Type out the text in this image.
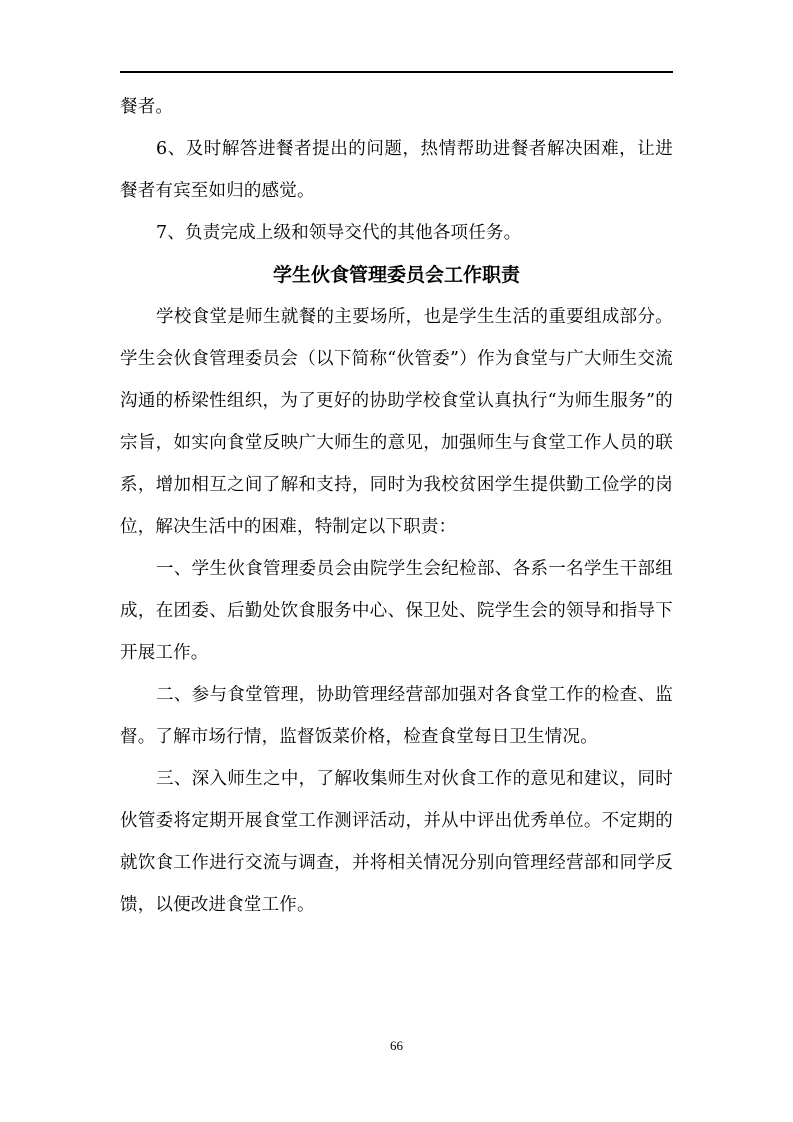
餐者。

6、及时解答进餐者提出的问题，热情帮助进餐者解决困难，让进餐者有宾至如归的感觉。

7、负责完成上级和领导交代的其他各项任务。

学生伙食管理委员会工作职责

学校食堂是师生就餐的主要场所，也是学生生活的重要组成部分。学生会伙食管理委员会（以下简称“伙管委”）作为食堂与广大师生交流沟通的桥梁性组织，为了更好的协助学校食堂认真执行“为师生服务”的宗旨，如实向食堂反映广大师生的意见，加强师生与食堂工作人员的联系，增加相互之间了解和支持，同时为我校贫困学生提供勤工俭学的岗位，解决生活中的困难，特制定以下职责：

一、学生伙食管理委员会由院学生会纪检部、各系一名学生干部组成，在团委、后勤处饮食服务中心、保卫处、院学生会的领导和指导下开展工作。

二、参与食堂管理，协助管理经营部加强对各食堂工作的检查、监督。了解市场行情，监督饭菜价格，检查食堂每日卫生情况。

三、深入师生之中，了解收集师生对伙食工作的意见和建议，同时伙管委将定期开展食堂工作测评活动，并从中评出优秀单位。不定期的就饮食工作进行交流与调查，并将相关情况分别向管理经营部和同学反馈，以便改进食堂工作。

66
